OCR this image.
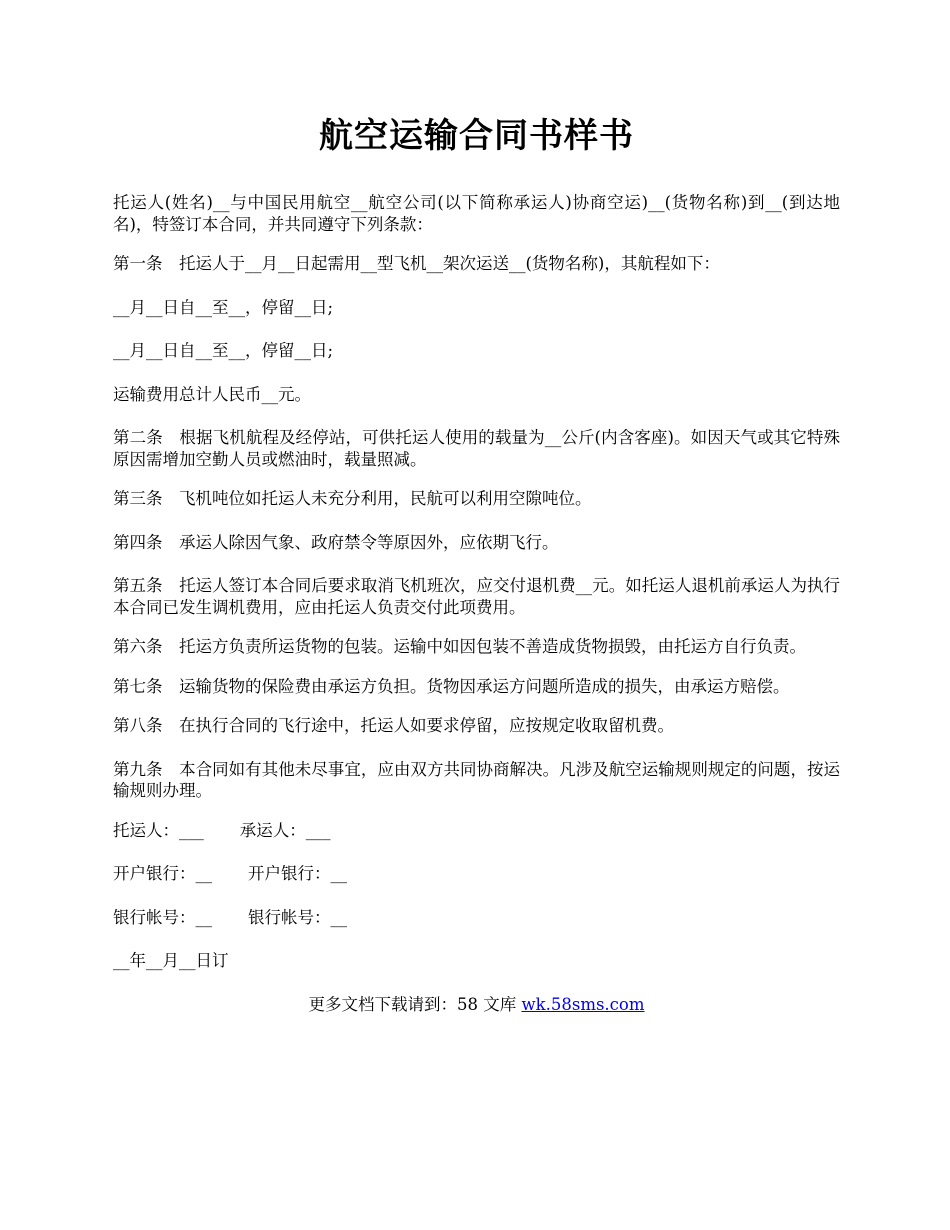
航空运输合同书样书

托运人(姓名)__与中国民用航空__航空公司(以下简称承运人)协商空运)__(货物名称)到__(到达地名)，特签订本合同，并共同遵守下列条款：

第一条　托运人于__月__日起需用__型飞机__架次运送__(货物名称)，其航程如下：

__月__日自__至__，停留__日;

__月__日自__至__，停留__日;

运输费用总计人民币__元。

第二条　根据飞机航程及经停站，可供托运人使用的载量为__公斤(内含客座)。如因天气或其它特殊原因需增加空勤人员或燃油时，载量照减。

第三条　飞机吨位如托运人未充分利用，民航可以利用空隙吨位。

第四条　承运人除因气象、政府禁令等原因外，应依期飞行。

第五条　托运人签订本合同后要求取消飞机班次，应交付退机费__元。如托运人退机前承运人为执行本合同已发生调机费用，应由托运人负责交付此项费用。

第六条　托运方负责所运货物的包装。运输中如因包装不善造成货物损毁，由托运方自行负责。

第七条　运输货物的保险费由承运方负担。货物因承运方问题所造成的损失，由承运方赔偿。

第八条　在执行合同的飞行途中，托运人如要求停留，应按规定收取留机费。

第九条　本合同如有其他未尽事宜，应由双方共同协商解决。凡涉及航空运输规则规定的问题，按运输规则办理。

托运人：___ 承运人：___

开户银行：__ 开户银行：__

银行帐号：__ 银行帐号：__

__年__月__日订

更多文档下载请到：58 文库 wk.58sms.com
